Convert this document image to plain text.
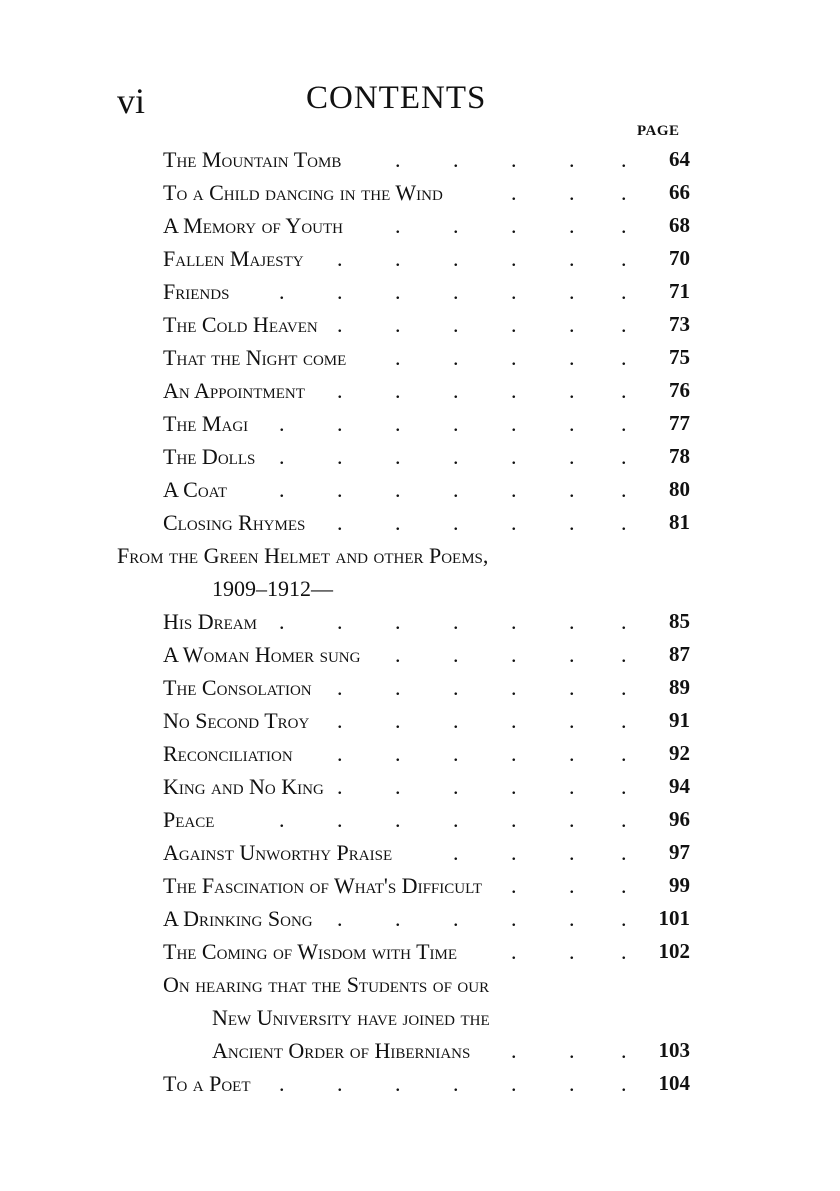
vi	CONTENTS
PAGE
The Mountain Tomb . . . . . 64
To a Child dancing in the Wind	. . . 66
A Memory of Youth . . . . . 68
Fallen Majesty . . . . . . 70
Friends . . . . . . . 71
The Cold Heaven . . . . . . 73
That the Night come . . . . . 75
An Appointment . . . . . . 76
The Magi . . . . . . . 77
The Dolls . . . . . . . 78
A Coat . . . . . . . 80
Closing Rhymes . . . . . . 81
From the Green Helmet and other Poems,
1909–1912—
His Dream . . . . . . . 85
A Woman Homer sung . . . . . 87
The Consolation . . . . . . 89
No Second Troy . . . . . . 91
Reconciliation . . . . . . 92
King and No King . . . . . . 94
Peace	. . . . . . . 96
Against Unworthy Praise	. . . . 97
The Fascination of What's Difficult . . . 99
A Drinking Song . . . . . . 101
The Coming of Wisdom with Time . . . 102
On hearing that the Students of our
New University have joined the
Ancient Order of Hibernians . . . 103
To a Poet . . . . . . . 104
